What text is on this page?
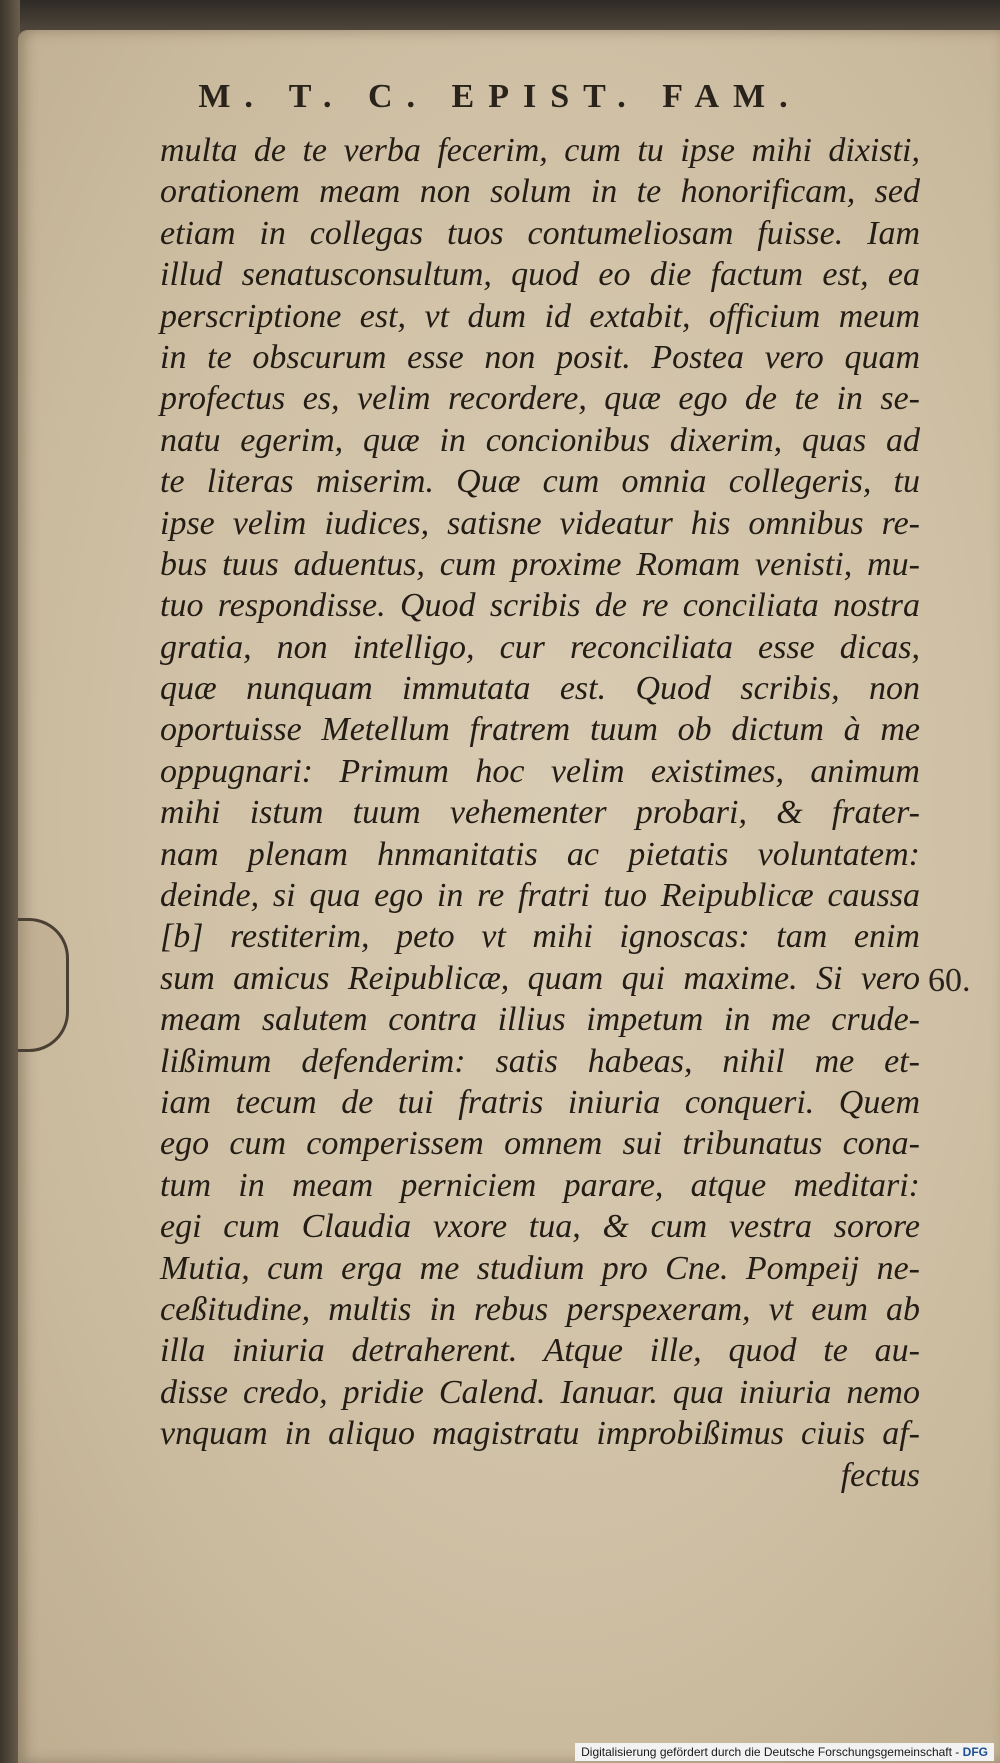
M. T. C. EPIST. FAM.
multa de te verba fecerim, cum tu ipse mihi dixisti,
orationem meam non solum in te honorificam, sed
etiam in collegas tuos contumeliosam fuisse. Iam
illud senatusconsultum, quod eo die factum est, ea
perscriptione est, vt dum id extabit, officium meum
in te obscurum esse non posit. Postea vero quam
profectus es, velim recordere, quæ ego de te in se-
natu egerim, quæ in concionibus dixerim, quas ad
te literas miserim. Quæ cum omnia collegeris, tu
ipse velim iudices, satisne videatur his omnibus re-
bus tuus aduentus, cum proxime Romam venisti, mu-
tuo respondisse. Quod scribis de re conciliata nostra
gratia, non intelligo, cur reconciliata esse dicas,
quæ nunquam immutata est. Quod scribis, non
oportuisse Metellum fratrem tuum ob dictum à me
oppugnari: Primum hoc velim existimes, animum
mihi istum tuum vehementer probari, & frater-
nam plenam hnmanitatis ac pietatis voluntatem:
deinde, si qua ego in re fratri tuo Reipublicæ caussa
[b] restiterim, peto vt mihi ignoscas: tam enim
sum amicus Reipublicæ, quam qui maxime. Si vero
meam salutem contra illius impetum in me crude-
lißimum defenderim: satis habeas, nihil me et-
iam tecum de tui fratris iniuria conqueri. Quem
ego cum comperissem omnem sui tribunatus cona-
tum in meam perniciem parare, atque meditari:
egi cum Claudia vxore tua, & cum vestra sorore
Mutia, cum erga me studium pro Cne. Pompeij ne-
ceßitudine, multis in rebus perspexeram, vt eum ab
illa iniuria detraherent. Atque ille, quod te au-
disse credo, pridie Calend. Ianuar. qua iniuria nemo
vnquam in aliquo magistratu improbißimus ciuis af-
fectus
60.
Digitalisierung gefördert durch die Deutsche Forschungsgemeinschaft - DFG
